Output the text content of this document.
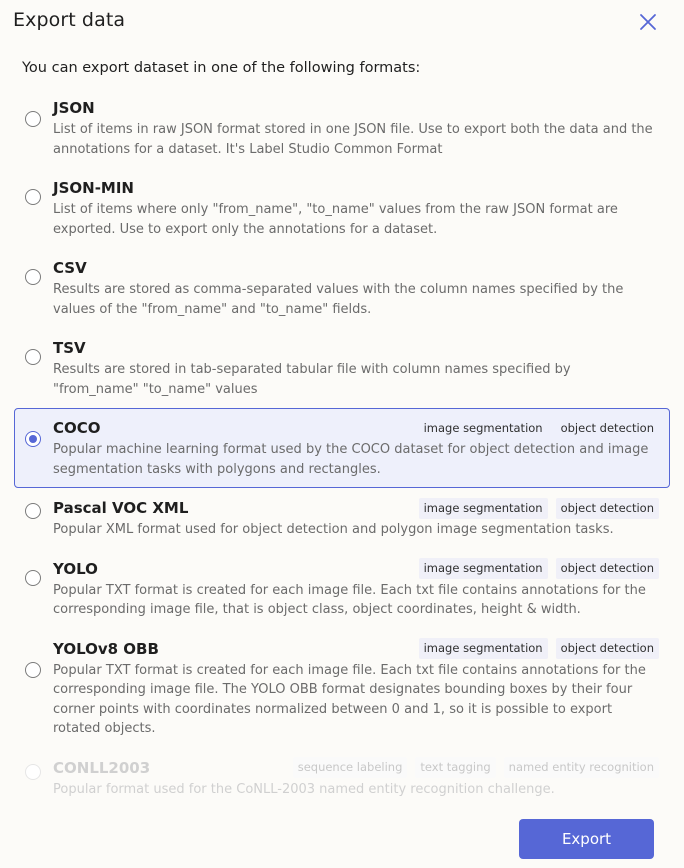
Export data
You can export dataset in one of the following formats:
JSON
List of items in raw JSON format stored in one JSON file. Use to export both the data and the annotations for a dataset. It's Label Studio Common Format
JSON-MIN
List of items where only "from_name", "to_name" values from the raw JSON format are exported. Use to export only the annotations for a dataset.
CSV
Results are stored as comma-separated values with the column names specified by the values of the "from_name" and "to_name" fields.
TSV
Results are stored in tab-separated tabular file with column names specified by "from_name" "to_name" values
COCO	image segmentation	object detection
Popular machine learning format used by the COCO dataset for object detection and image segmentation tasks with polygons and rectangles.
Pascal VOC XML	image segmentation	object detection
Popular XML format used for object detection and polygon image segmentation tasks.
YOLO	image segmentation	object detection
Popular TXT format is created for each image file. Each txt file contains annotations for the corresponding image file, that is object class, object coordinates, height & width.
YOLOv8 OBB	image segmentation	object detection
Popular TXT format is created for each image file. Each txt file contains annotations for the corresponding image file. The YOLO OBB format designates bounding boxes by their four corner points with coordinates normalized between 0 and 1, so it is possible to export rotated objects.
CONLL2003	sequence labeling	text tagging	named entity recognition
Popular format used for the CoNLL-2003 named entity recognition challenge.
Export
